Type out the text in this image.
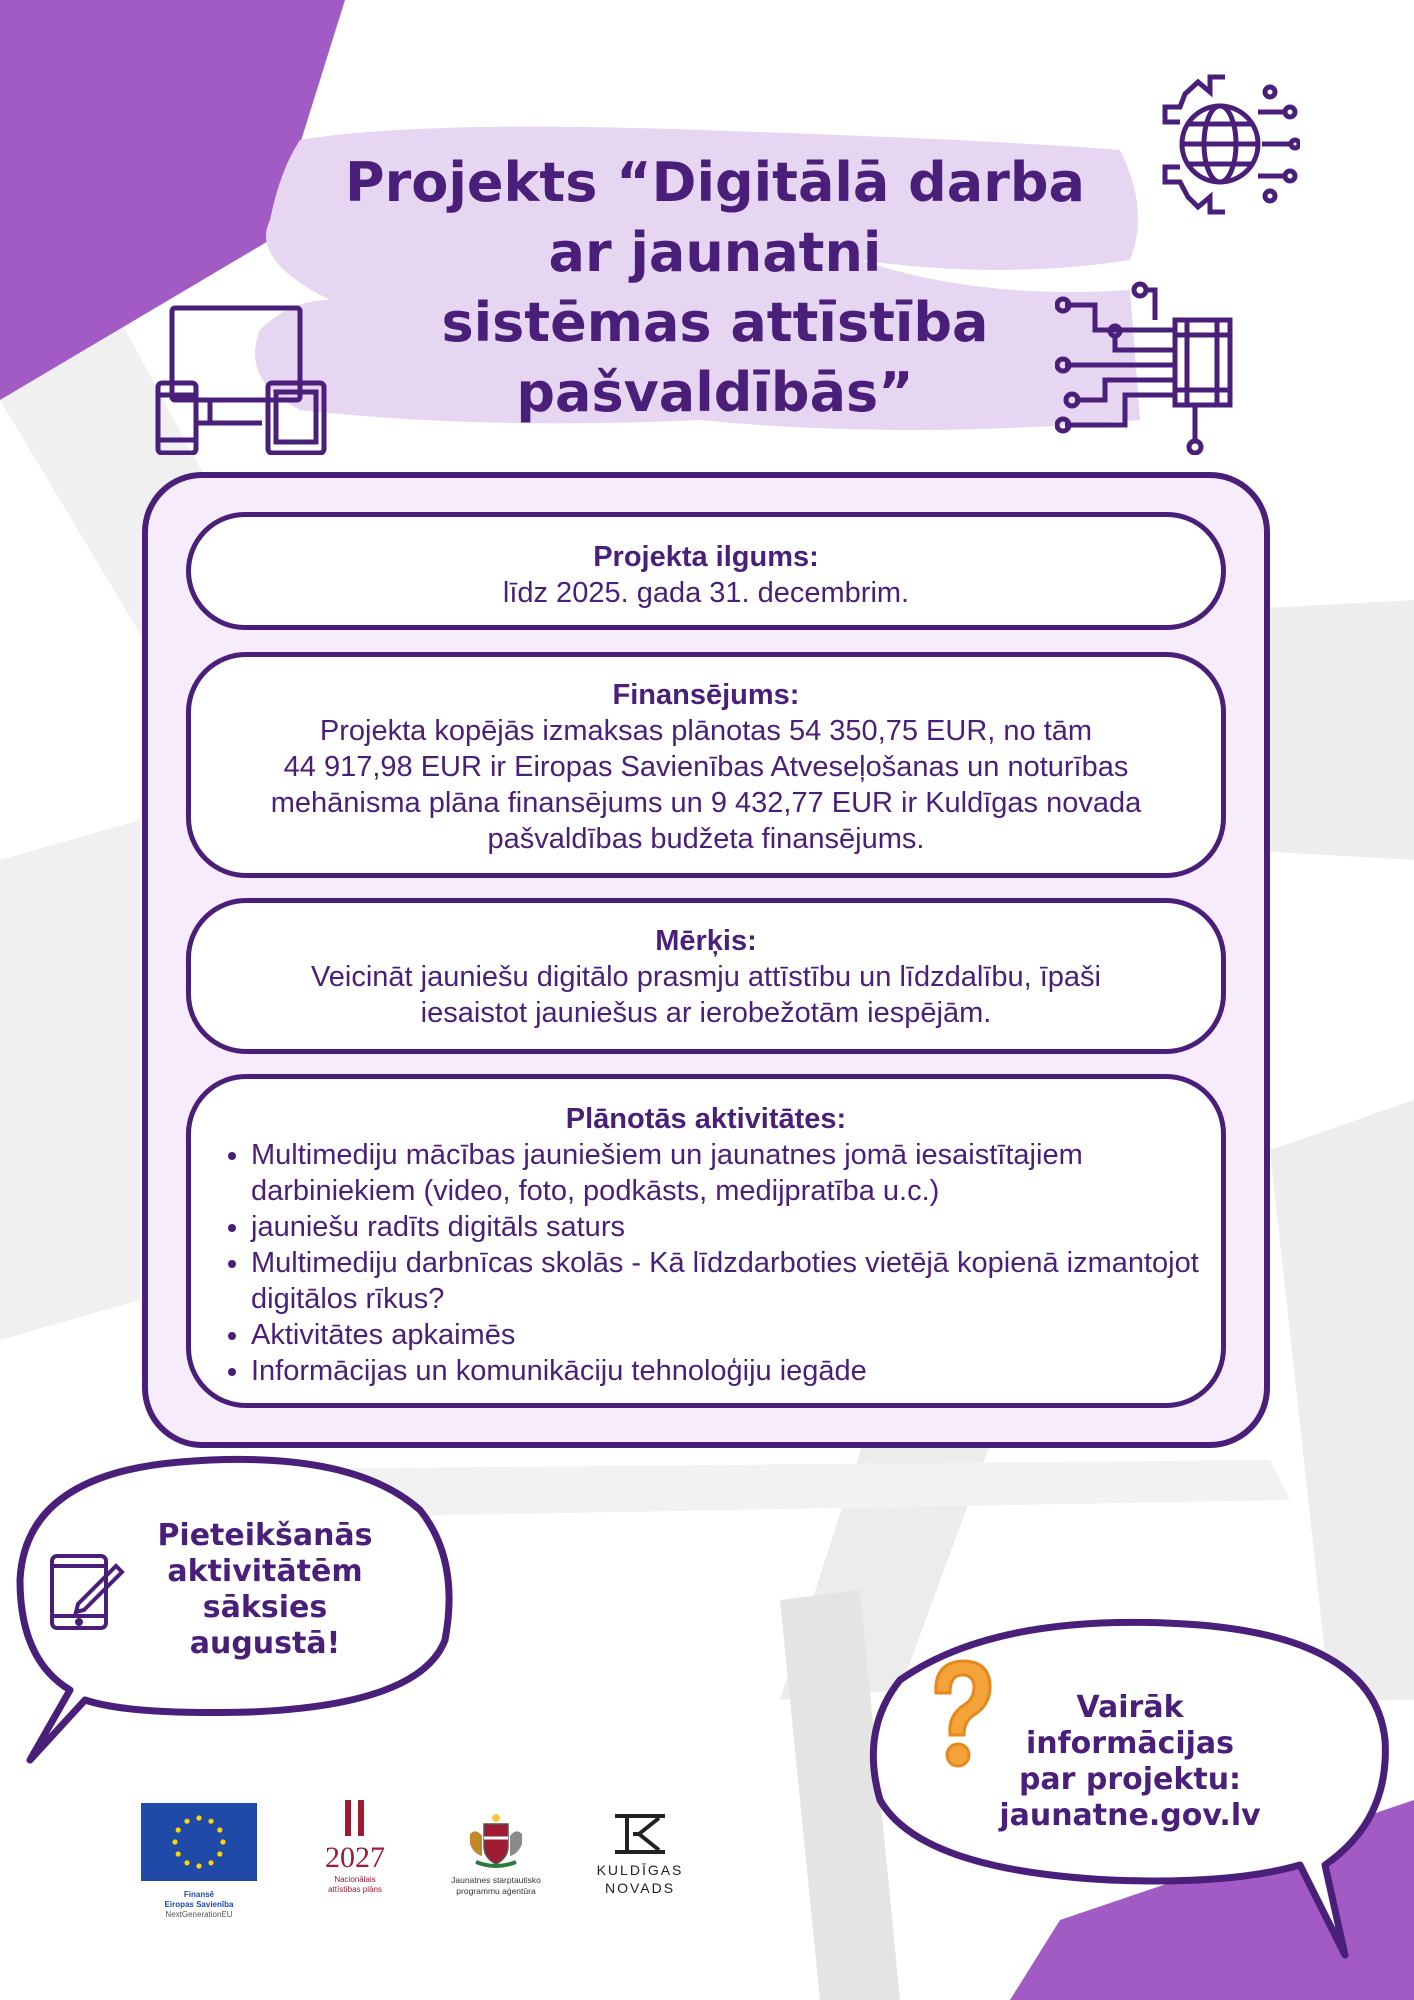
Projekts “Digitālā darba
ar jaunatni
sistēmas attīstība
pašvaldībās”
Projekta ilgums:

līdz 2025. gada 31. decembrim.

Finansējums:

Projekta kopējās izmaksas plānotas 54 350,75 EUR, no tām

44 917,98 EUR ir Eiropas Savienības Atveseļošanas un noturības

mehānisma plāna finansējums un 9 432,77 EUR ir Kuldīgas novada

pašvaldības budžeta finansējums.

Mērķis:

Veicināt jauniešu digitālo prasmju attīstību un līdzdalību, īpaši

iesaistot jauniešus ar ierobežotām iespējām.

Plānotās aktivitātes:
• Multimediju mācības jauniešiem un jaunatnes jomā iesaistītajiem darbiniekiem (video, foto, podkāsts, medijpratība u.c.)
• jauniešu radīts digitāls saturs
• Multimediju darbnīcas skolās - Kā līdzdarboties vietējā kopienā izmantojot digitālos rīkus?
• Aktivitātes apkaimēs
• Informācijas un komunikāciju tehnoloģiju iegāde
Pieteikšanās
aktivitātēm
sāksies
augustā!
Vairāk
informācijas
par projektu:
jaunatne.gov.lv
Finansē
Eiropas Savienība
NextGenerationEU
2027
Nacionālais
attīstības plāns
Jaunatnes starptautisko
programmu aģentūra
KULDĪGAS
NOVADS
